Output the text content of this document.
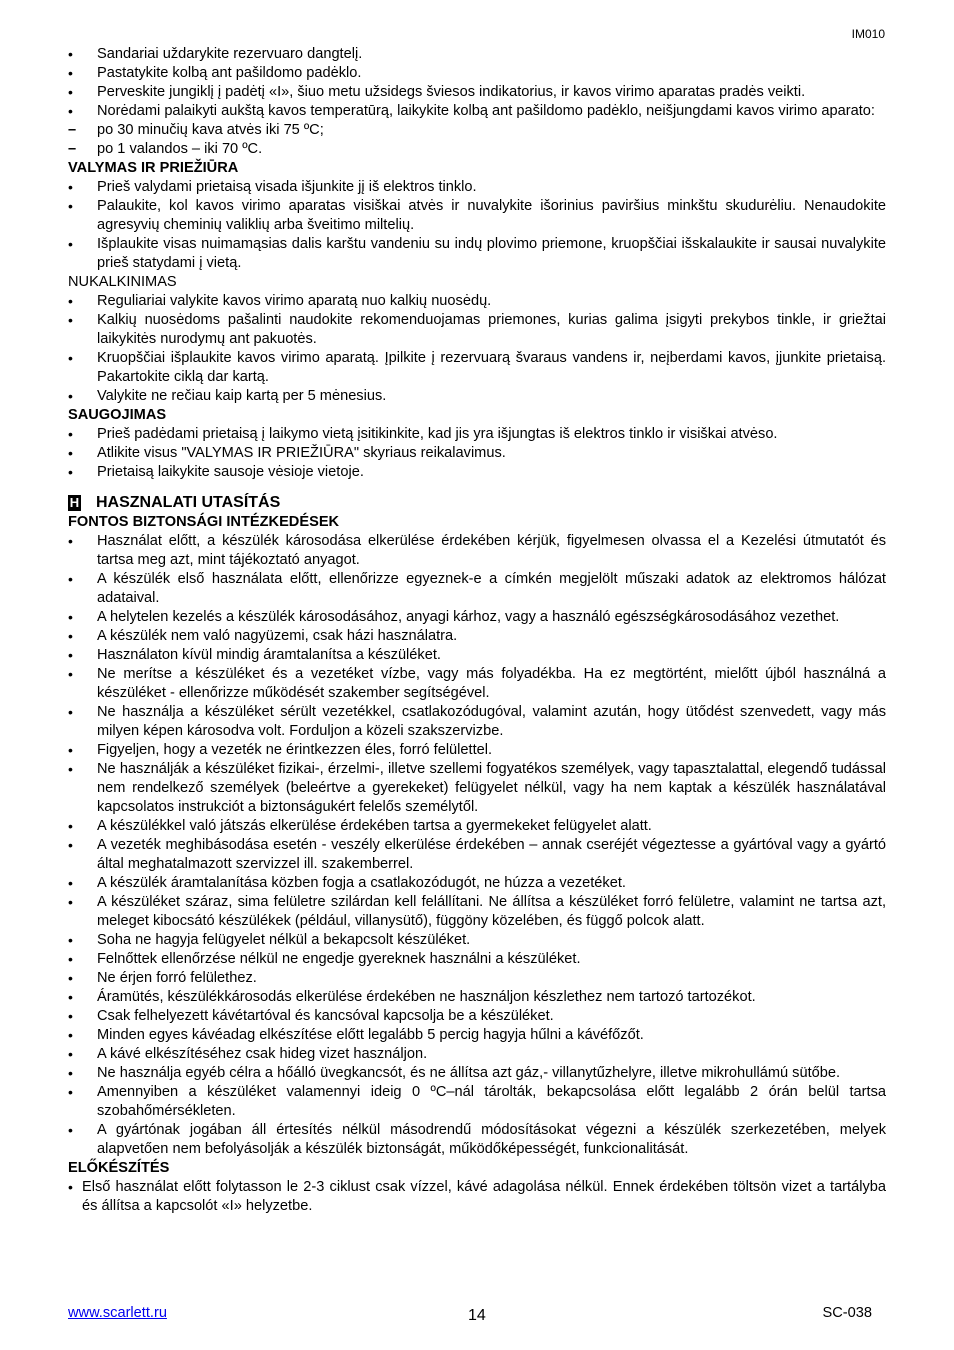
IM010
• Sandariai uždarykite rezervuaro dangtelį.
• Pastatykite kolbą ant pašildomo padėklo.
• Perveskite jungiklį į padėtį «I», šiuo metu užsidegs šviesos indikatorius, ir kavos virimo aparatas pradės veikti.
• Norėdami palaikyti aukštą kavos temperatūrą, laikykite kolbą ant pašildomo padėklo, neišjungdami kavos virimo aparato:
– po 30 minučių kava atvės iki 75 ºC;
– po 1 valandos – iki 70 ºC.
VALYMAS IR PRIEŽIŪRA
• Prieš valydami prietaisą visada išjunkite jį iš elektros tinklo.
• Palaukite, kol kavos virimo aparatas visiškai atvės ir nuvalykite išorinius paviršius minkštu skudurėliu. Nenaudokite agresyvių cheminių valiklių arba šveitimo miltelių.
• Išplaukite visas nuimamąsias dalis karštu vandeniu su indų plovimo priemone, kruopščiai išskalaukite ir sausai nuvalykite prieš statydami į vietą.
NUKALKINIMAS
• Reguliariai valykite kavos virimo aparatą nuo kalkių nuosėdų.
• Kalkių nuosėdoms pašalinti naudokite rekomenduojamas priemones, kurias galima įsigyti prekybos tinkle, ir griežtai laikykitės nurodymų ant pakuotės.
• Kruopščiai išplaukite kavos virimo aparatą. Įpilkite į rezervuarą švaraus vandens ir, neįberdami kavos, įjunkite prietaisą. Pakartokite ciklą dar kartą.
• Valykite ne rečiau kaip kartą per 5 mėnesius.
SAUGOJIMAS
• Prieš padėdami prietaisą į laikymo vietą įsitikinkite, kad jis yra išjungtas iš elektros tinklo ir visiškai atvėso.
• Atlikite visus "VALYMAS IR PRIEŽIŪRA" skyriaus reikalavimus.
• Prietaisą laikykite sausoje vėsioje vietoje.
H HASZNALATI UTASÍTÁS
FONTOS BIZTONSÁGI INTÉZKEDÉSEK
• Használat előtt, a készülék károsodása elkerülése érdekében kérjük, figyelmesen olvassa el a Kezelési útmutatót és tartsa meg azt, mint tájékoztató anyagot.
• A készülék első használata előtt, ellenőrizze egyeznek-e a címkén megjelölt műszaki adatok az elektromos hálózat adataival.
• A helytelen kezelés a készülék károsodásához, anyagi kárhoz, vagy a használó egészségkárosodásához vezethet.
• A készülék nem való nagyüzemi, csak házi használatra.
• Használaton kívül mindig áramtalanítsa a készüléket.
• Ne merítse a készüléket és a vezetéket vízbe, vagy más folyadékba. Ha ez megtörtént, mielőtt újból használná a készüléket - ellenőrizze működését szakember segítségével.
• Ne használja a készüléket sérült vezetékkel, csatlakozódugóval, valamint azután, hogy ütődést szenvedett, vagy más milyen képen károsodva volt. Forduljon a közeli szakszervizbe.
• Figyeljen, hogy a vezeték ne érintkezzen éles, forró felülettel.
• Ne használják a készüléket fizikai-, érzelmi-, illetve szellemi fogyatékos személyek, vagy tapasztalattal, elegendő tudással nem rendelkező személyek (beleértve a gyerekeket) felügyelet nélkül, vagy ha nem kaptak a készülék használatával kapcsolatos instrukciót a biztonságukért felelős személytől.
• A készülékkel való játszás elkerülése érdekében tartsa a gyermekeket felügyelet alatt.
• A vezeték meghibásodása esetén - veszély elkerülése érdekében – annak cseréjét végeztesse a gyártóval vagy a gyártó által meghatalmazott szervizzel ill. szakemberrel.
• A készülék áramtalanítása közben fogja a csatlakozódugót, ne húzza a vezetéket.
• A készüléket száraz, sima felületre szilárdan kell felállítani. Ne állítsa a készüléket forró felületre, valamint ne tartsa azt, meleget kibocsátó készülékek (például, villanysütő), függöny közelében, és függő polcok alatt.
• Soha ne hagyja felügyelet nélkül a bekapcsolt készüléket.
• Felnőttek ellenőrzése nélkül ne engedje gyereknek használni a készüléket.
• Ne érjen forró felülethez.
• Áramütés, készülékkárosodás elkerülése érdekében ne használjon készlethez nem tartozó tartozékot.
• Csak felhelyezett kávétartóval és kancsóval kapcsolja be a készüléket.
• Minden egyes kávéadag elkészítése előtt legalább 5 percig hagyja hűlni a kávéfőzőt.
• A kávé elkészítéséhez csak hideg vizet használjon.
• Ne használja egyéb célra a hőálló üvegkancsót, és ne állítsa azt gáz,- villanytűzhelyre, illetve mikrohullámú sütőbe.
• Amennyiben a készüléket valamennyi ideig 0 ºC–nál tárolták, bekapcsolása előtt legalább 2 órán belül tartsa szobahőmérsékleten.
• A gyártónak jogában áll értesítés nélkül másodrendű módosításokat végezni a készülék szerkezetében, melyek alapvetően nem befolyásolják a készülék biztonságát, működőképességét, funkcionalitását.
ELŐKÉSZÍTÉS
• Első használat előtt folytasson le 2-3 ciklust csak vízzel, kávé adagolása nélkül. Ennek érdekében töltsön vizet a tartályba és állítsa a kapcsolót «I» helyzetbe.
www.scarlett.ru	14	SC-038
